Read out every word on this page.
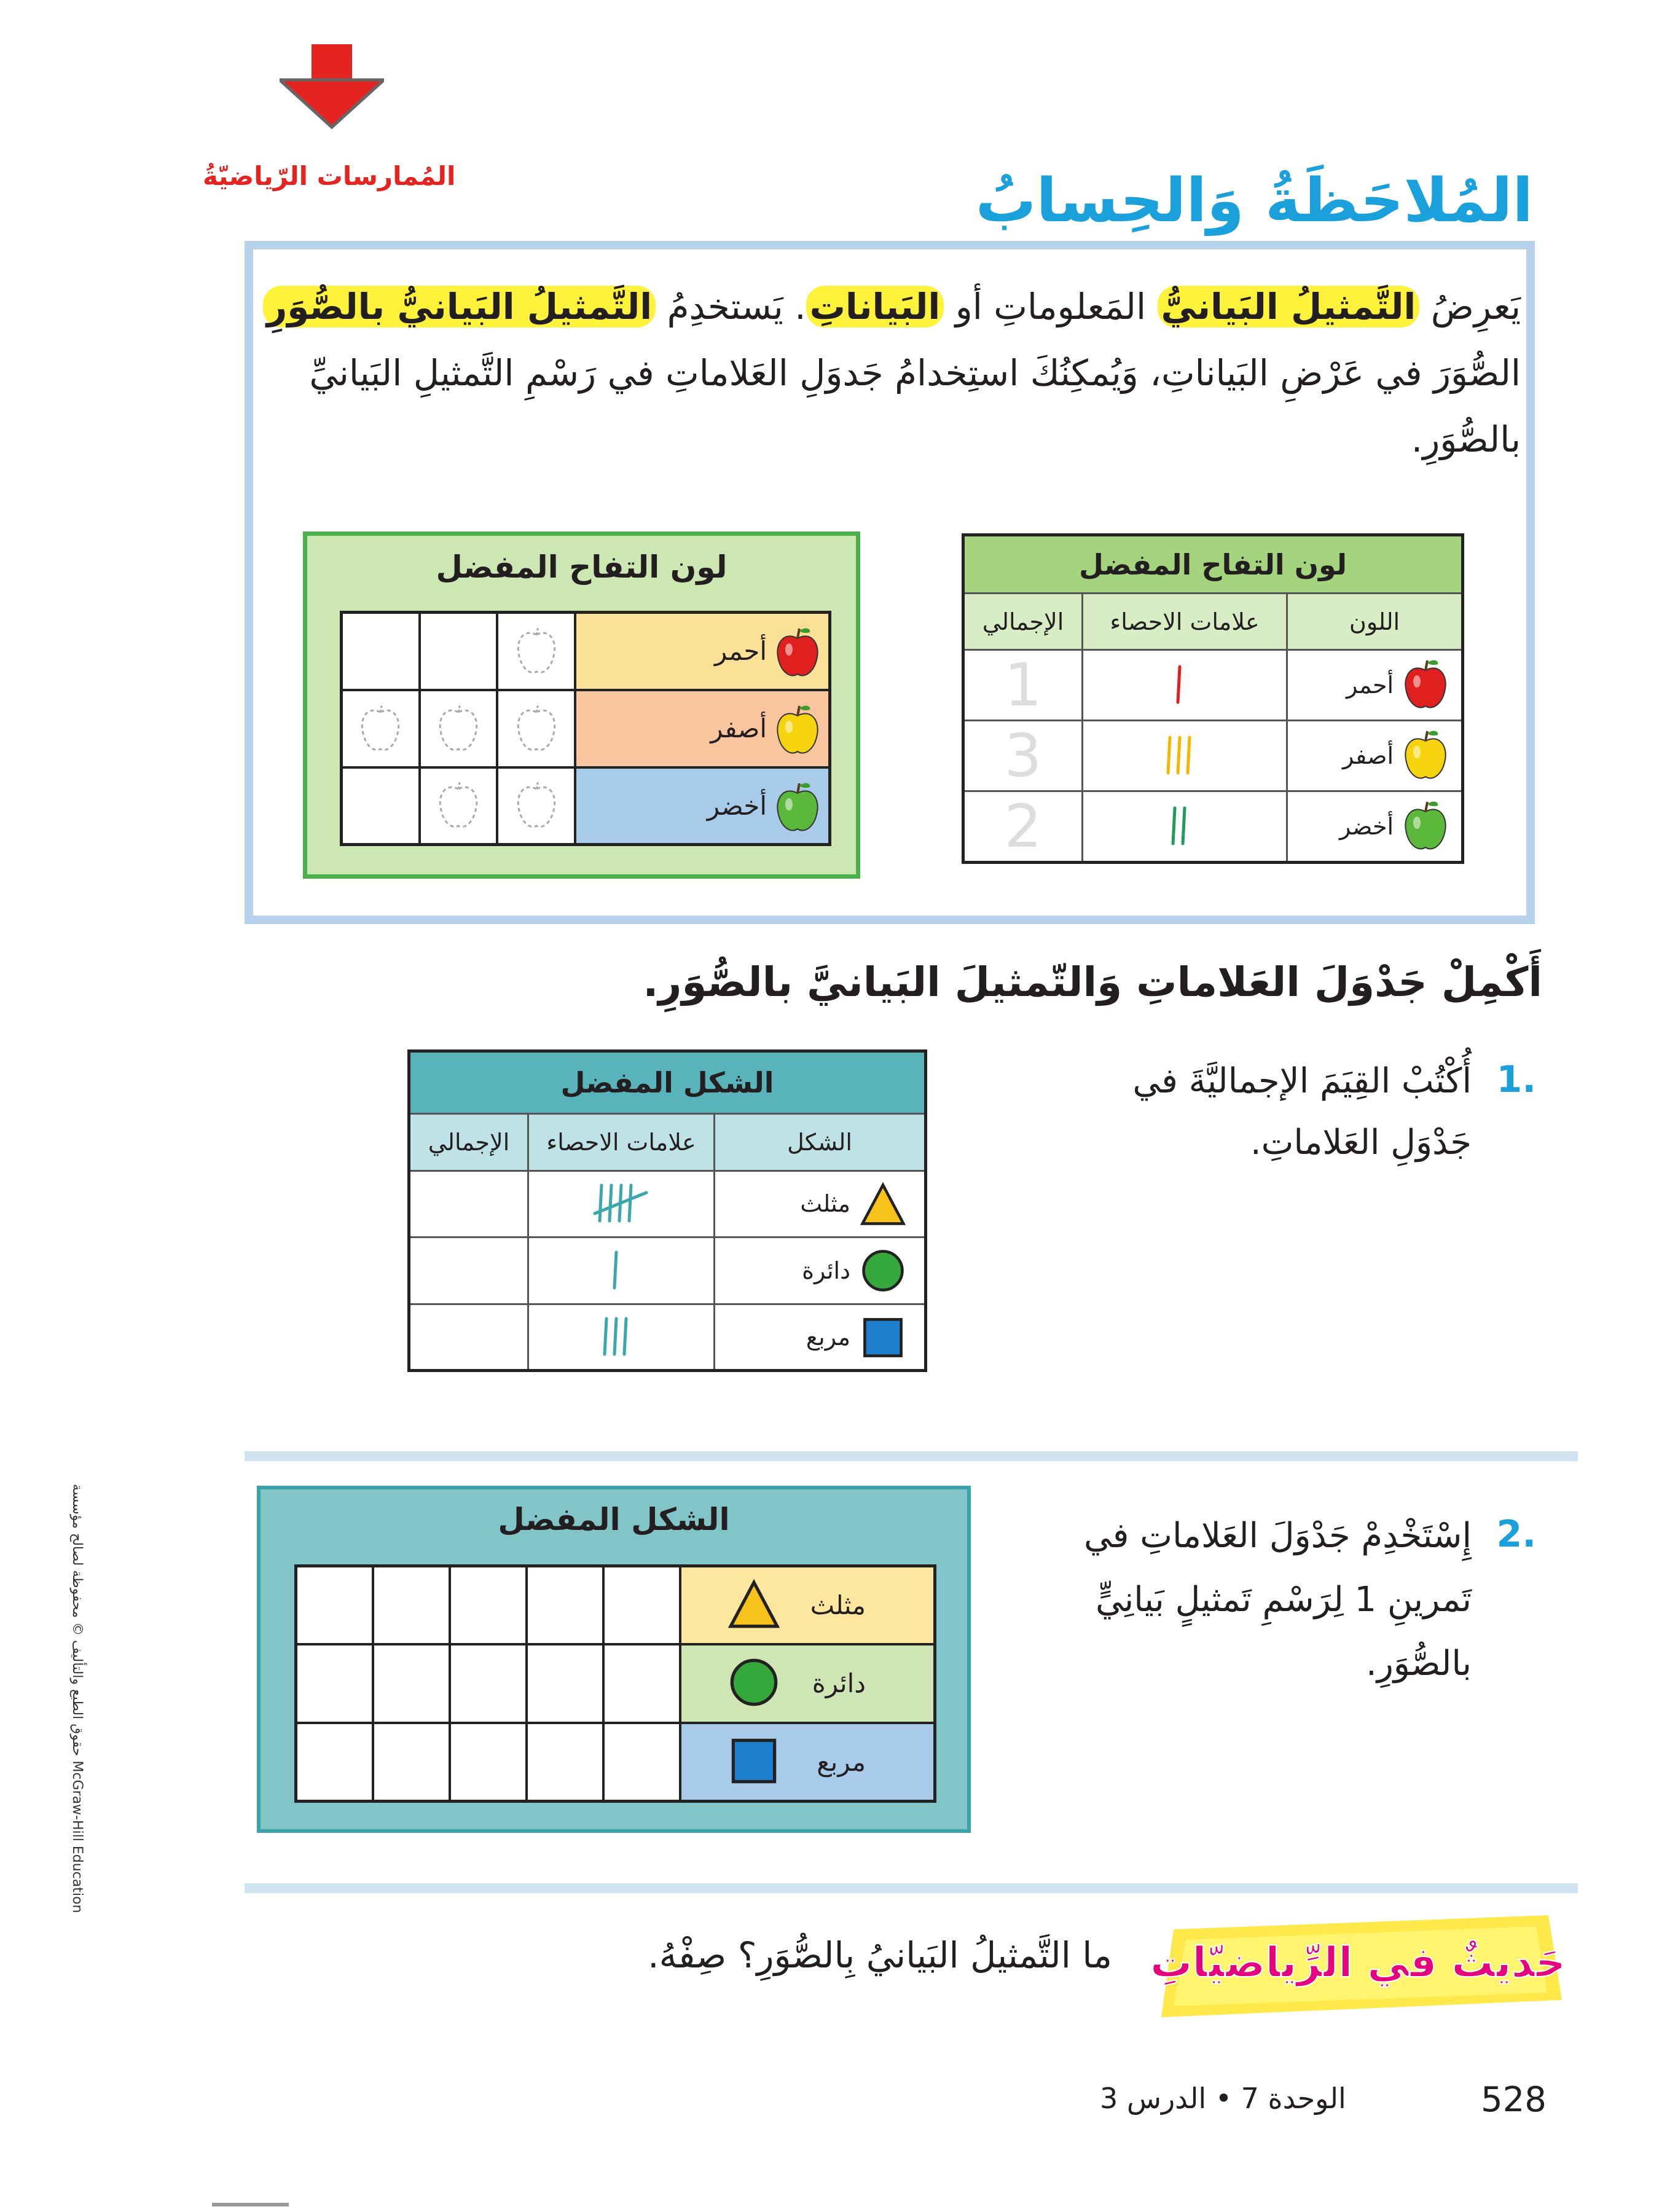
المُمارسات الرّياضيّةُ	المُلاحَظَةُ وَالحِسابُ
يَعرِضُ التَّمثيلُ البَيانيُّ المَعلوماتِ أو البَياناتِ. يَستخدِمُ التَّمثيلُ البَيانيُّ بالصُّوَرِ الصُّوَرَ في عَرْضِ البَياناتِ، وَيُمكِنُكَ استِخدامُ جَدوَلِ العَلاماتِ في رَسْمِ التَّمثيلِ البَيانيِّ بالصُّوَرِ.
لون التفاح المفضل
			أحمر

			أصفر

			أخضر
لون التفاح المفضل		
الإجمالي	علامات الاحصاء	اللون
1		أحمر

3		أصفر

2		أخضر
أَكْمِلْ جَدْوَلَ العَلاماتِ وَالتّمثيلَ البَيانيَّ بالصُّوَرِ.
1.
أُكْتُبْ القِيَمَ الإجماليَّةَ في جَدْوَلِ العَلاماتِ.
الشكل المفضل		
الإجمالي	علامات الاحصاء	الشكل
		مثلث

		دائرة

		مربع
2.
إِسْتَخْدِمْ جَدْوَلَ العَلاماتِ في تَمرينِ 1 لِرَسْمِ تَمثيلٍ بَيانِيٍّ بالصُّوَرِ.
الشكل المفضل
					مثلث

					دائرة

					مربع
حَديثٌ في الرِّياضيّاتِ
ما التَّمثيلُ البَيانيُ بِالصُّوَرِ؟ صِفْهُ.
528
الوحدة 7 • الدرس 3
حقوق الطبع والتأليف © محفوظة لصالح مؤسسة McGraw-Hill Education
